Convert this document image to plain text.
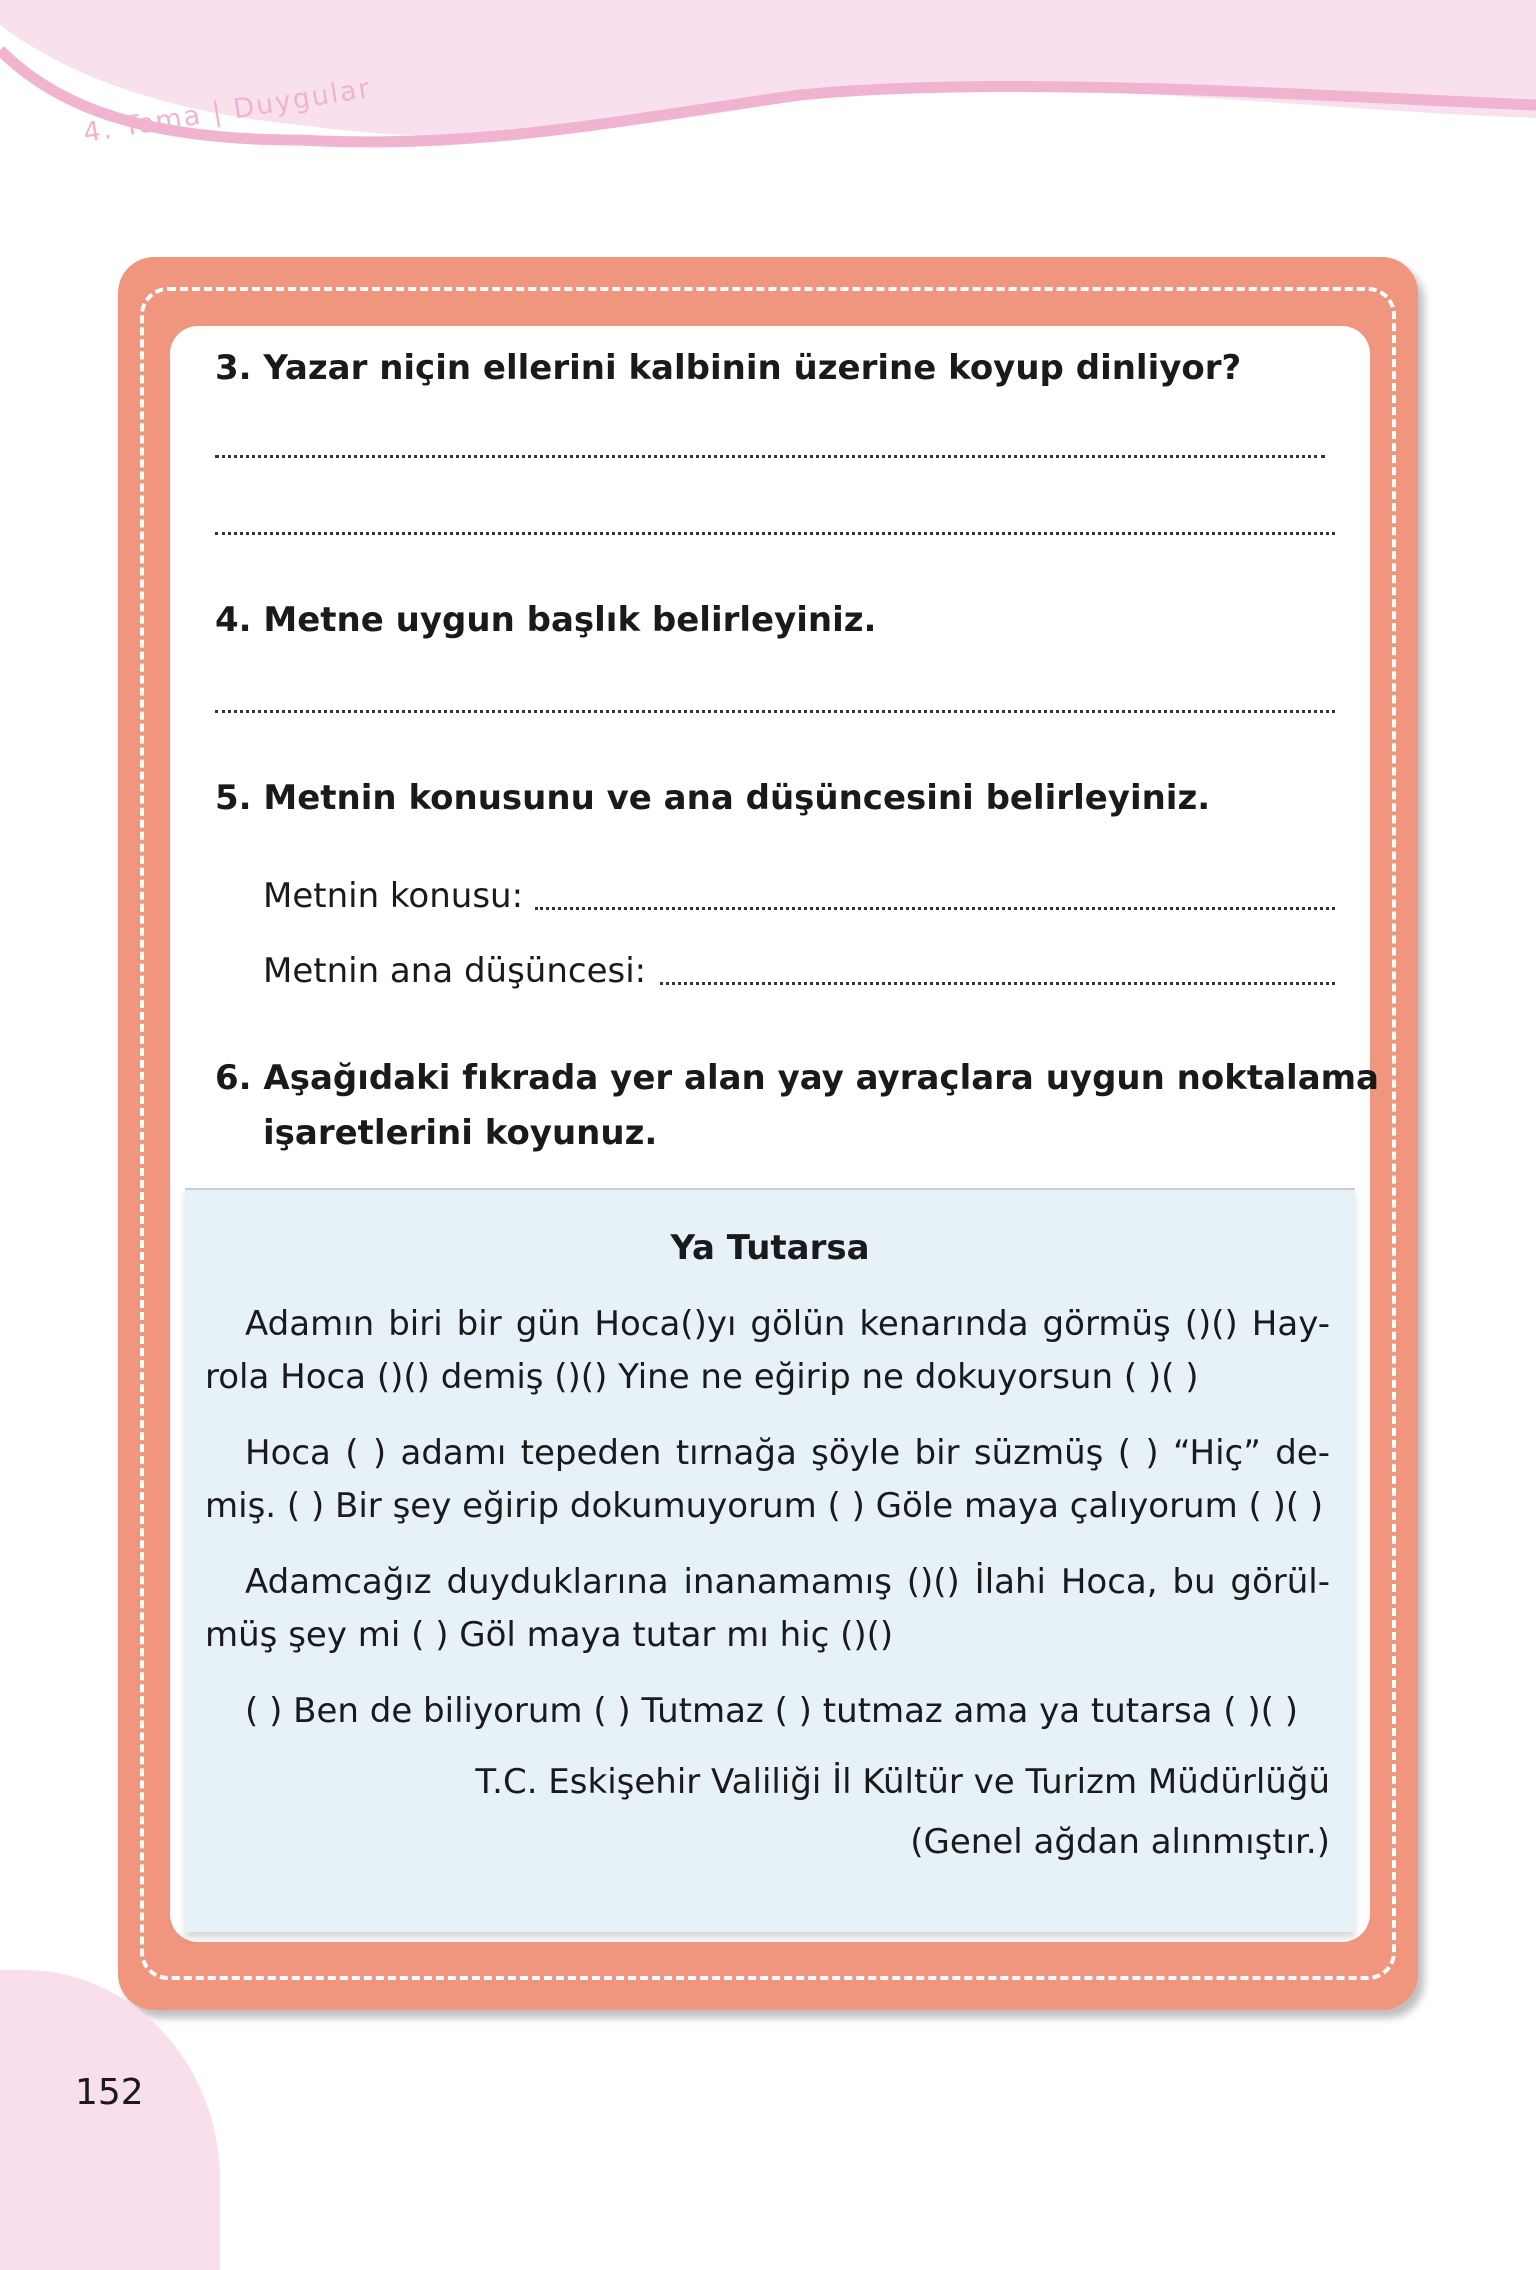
4. Tema | Duygular
3. Yazar niçin ellerini kalbinin üzerine koyup dinliyor?
4. Metne uygun başlık belirleyiniz.
5. Metnin konusunu ve ana düşüncesini belirleyiniz.
Metnin konusu:
Metnin ana düşüncesi:
6. Aşağıdaki fıkrada yer alan yay ayraçlara uygun noktalama
işaretlerini koyunuz.
Ya Tutarsa
Adamın biri bir gün Hoca()yı gölün kenarında görmüş ()() Hay-rola Hoca ()() demiş ()() Yine ne eğirip ne dokuyorsun ( )( )
Hoca ( ) adamı tepeden tırnağa şöyle bir süzmüş ( ) “Hiç” de-miş. ( ) Bir şey eğirip dokumuyorum ( ) Göle maya çalıyorum ( )( )
Adamcağız duyduklarına inanamamış ()() İlahi Hoca, bu görül-müş şey mi ( ) Göl maya tutar mı hiç ()()
( ) Ben de biliyorum ( ) Tutmaz ( ) tutmaz ama ya tutarsa ( )( )
T.C. Eskişehir Valiliği İl Kültür ve Turizm Müdürlüğü
(Genel ağdan alınmıştır.)
152
